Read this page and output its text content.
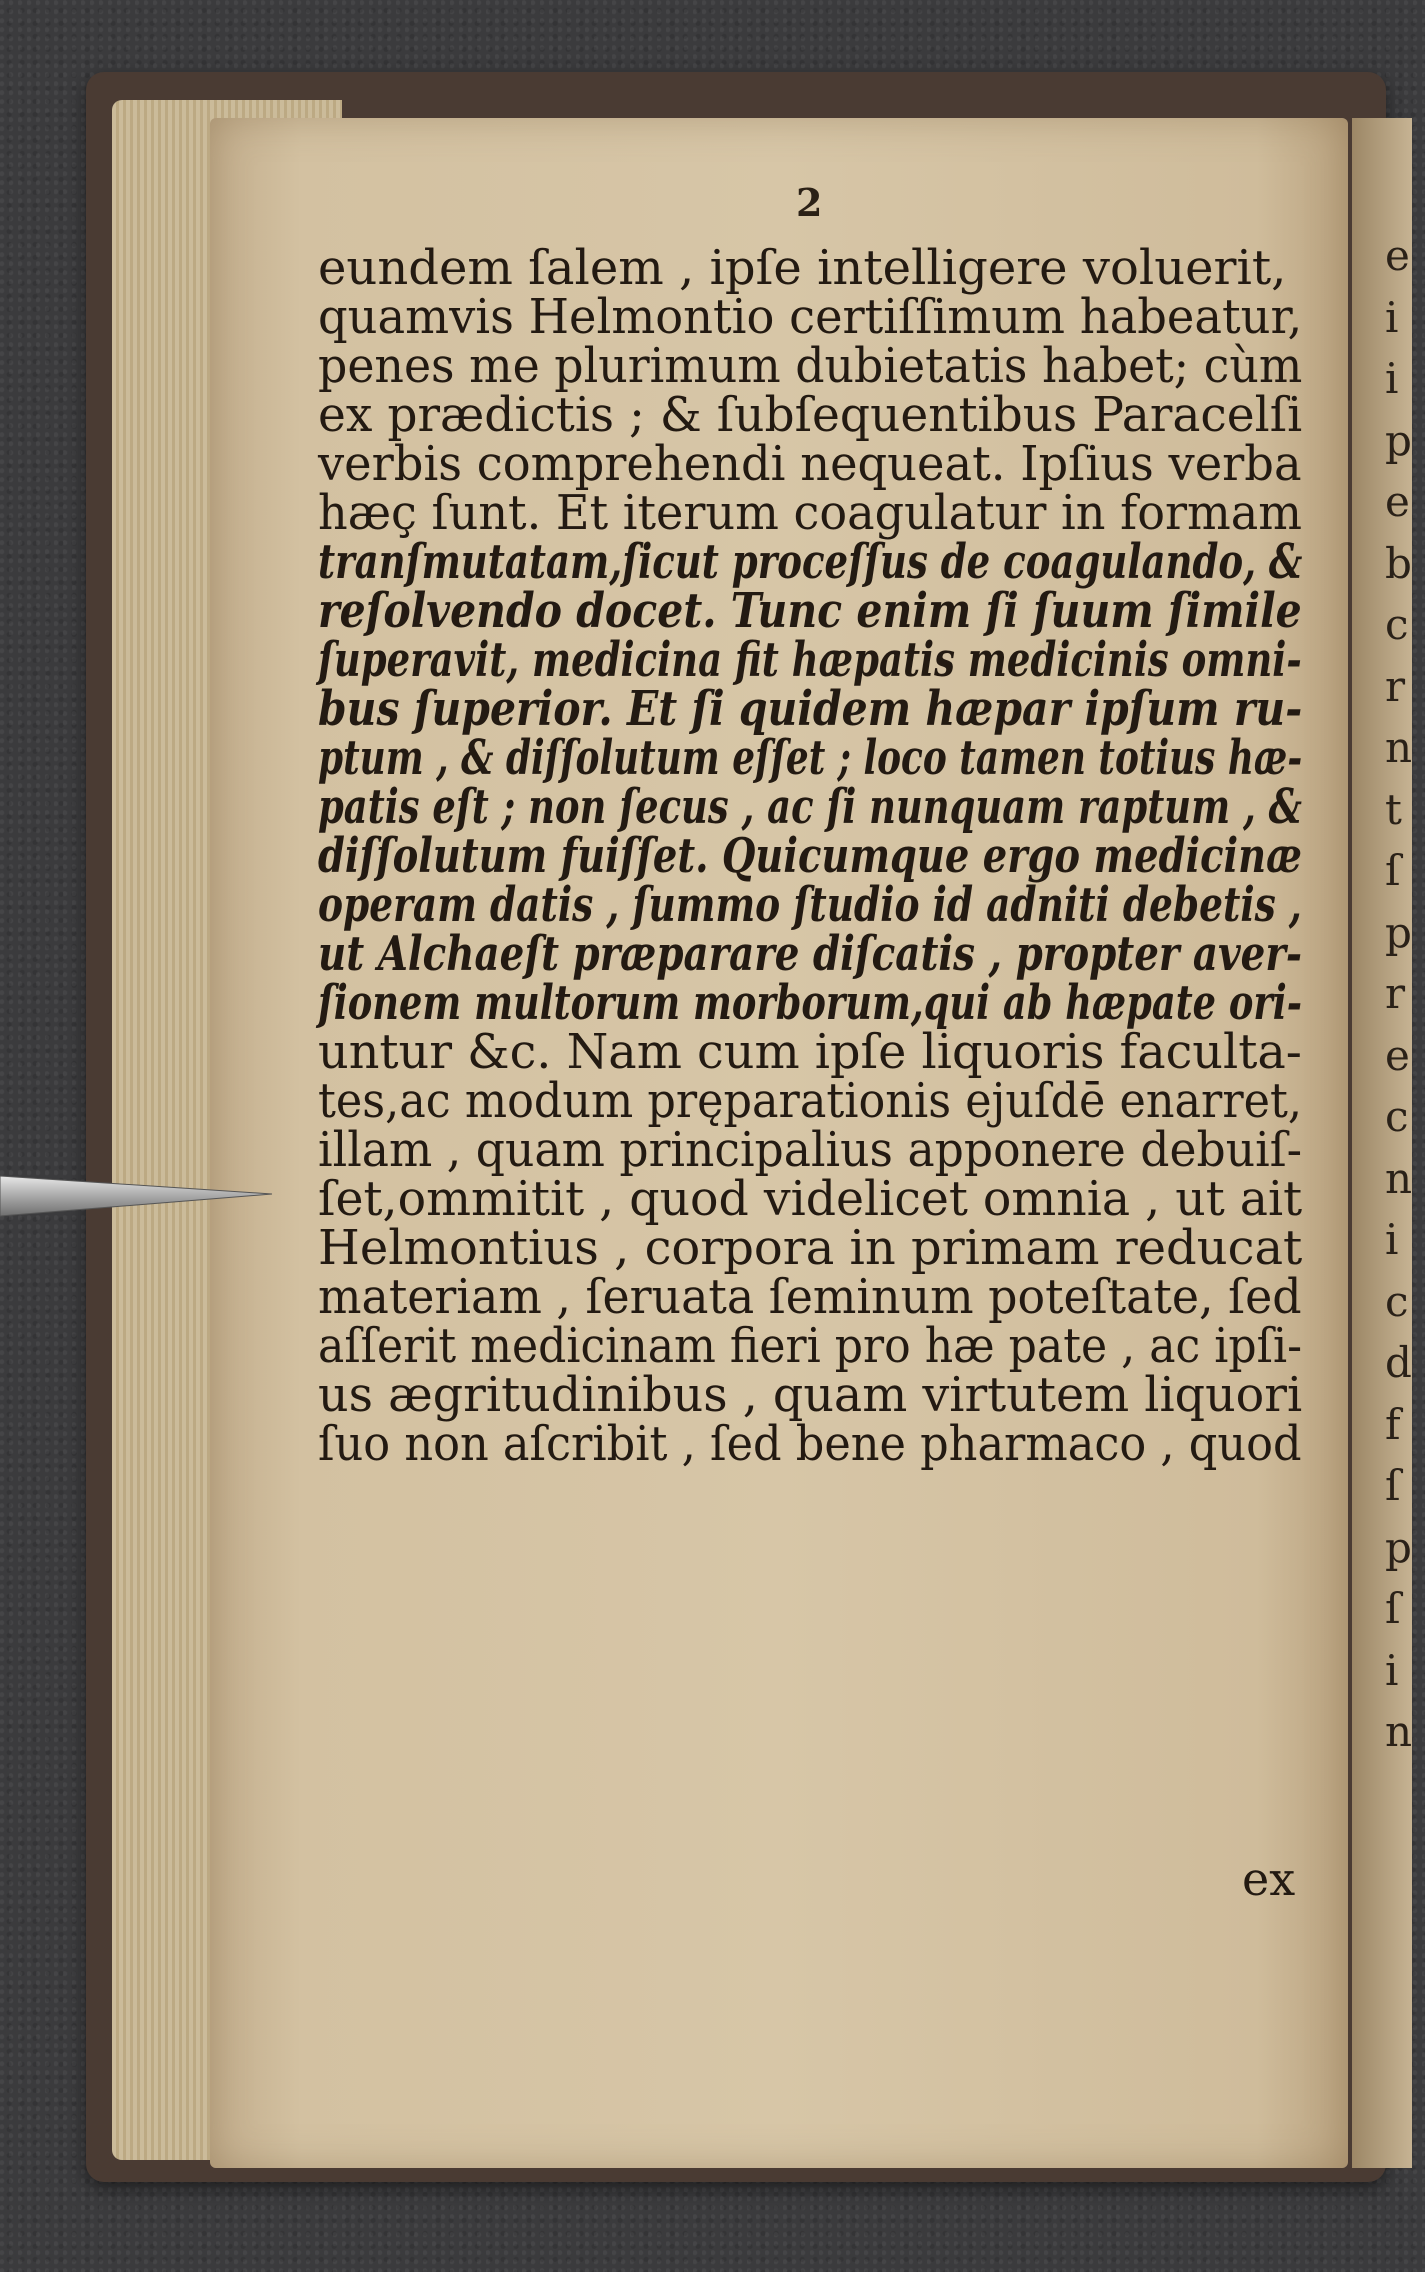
e
i
i
p
e
b
c
r
n
t
ſ
p
r
e
c
n
i
c
d
f
ſ
p
ſ
i
n
2
eundem ſalem , ipſe intelligere voluerit,
quamvis Helmontio certiſſimum habeatur,
penes me plurimum dubietatis habet; cùm
ex prædictis ; & ſubſequentibus Paracelſi
verbis comprehendi nequeat. Ipſius verba
hæç ſunt. Et iterum coagulatur in formam
tranſmutatam,ſicut proceſſus de coagulando, &
reſolvendo docet. Tunc enim ſi ſuum ſimile
ſuperavit, medicina fit hæpatis medicinis omni-
bus ſuperior. Et ſi quidem hæpar ipſum ru-
ptum , & diſſolutum eſſet ; loco tamen totius hæ-
patis eſt ; non ſecus , ac ſi nunquam raptum , &
diſſolutum fuiſſet. Quicumque ergo medicinæ
operam datis , ſummo ſtudio id adniti debetis ,
ut Alchaeſt præparare diſcatis , propter aver-
ſionem multorum morborum,qui ab hæpate ori-
untur &c. Nam cum ipſe liquoris faculta-
tes,ac modum pręparationis ejuſdē enarret,
illam , quam principalius apponere debuiſ-
ſet,ommitit , quod videlicet omnia , ut ait
Helmontius , corpora in primam reducat
materiam , ſeruata ſeminum poteſtate, ſed
aſſerit medicinam fieri pro hæ pate , ac ipſi-
us ægritudinibus , quam virtutem liquori
ſuo non aſcribit , ſed bene pharmaco , quod
ex
